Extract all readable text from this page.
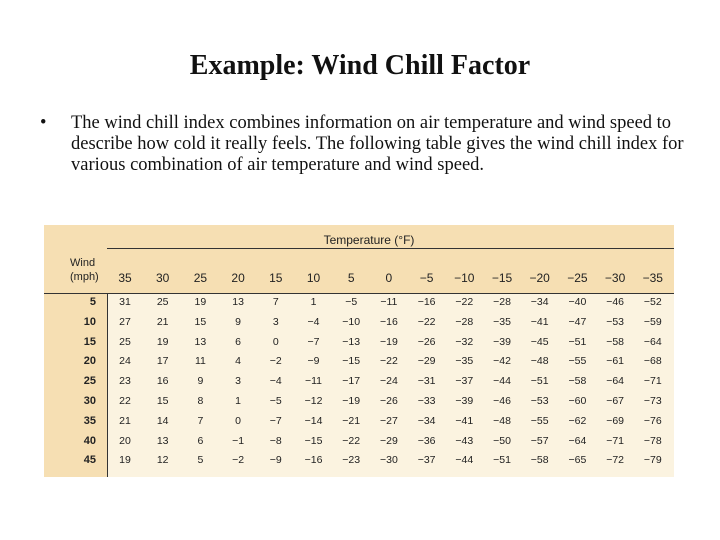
Example: Wind Chill Factor
•	The wind chill index combines information on air temperature and wind speed to describe how cold it really feels. The following table gives the wind chill index for various combination of air temperature and wind speed.
Temperature (°F)
Wind
(mph)	35	30	25	20	15	10	5	0	−5	−10	−15	−20	−25	−30	−35
5	31	25	19	13	7	1	−5	−11	−16	−22	−28	−34	−40	−46	−52
10	27	21	15	9	3	−4	−10	−16	−22	−28	−35	−41	−47	−53	−59
15	25	19	13	6	0	−7	−13	−19	−26	−32	−39	−45	−51	−58	−64
20	24	17	11	4	−2	−9	−15	−22	−29	−35	−42	−48	−55	−61	−68
25	23	16	9	3	−4	−11	−17	−24	−31	−37	−44	−51	−58	−64	−71
30	22	15	8	1	−5	−12	−19	−26	−33	−39	−46	−53	−60	−67	−73
35	21	14	7	0	−7	−14	−21	−27	−34	−41	−48	−55	−62	−69	−76
40	20	13	6	−1	−8	−15	−22	−29	−36	−43	−50	−57	−64	−71	−78
45	19	12	5	−2	−9	−16	−23	−30	−37	−44	−51	−58	−65	−72	−79
